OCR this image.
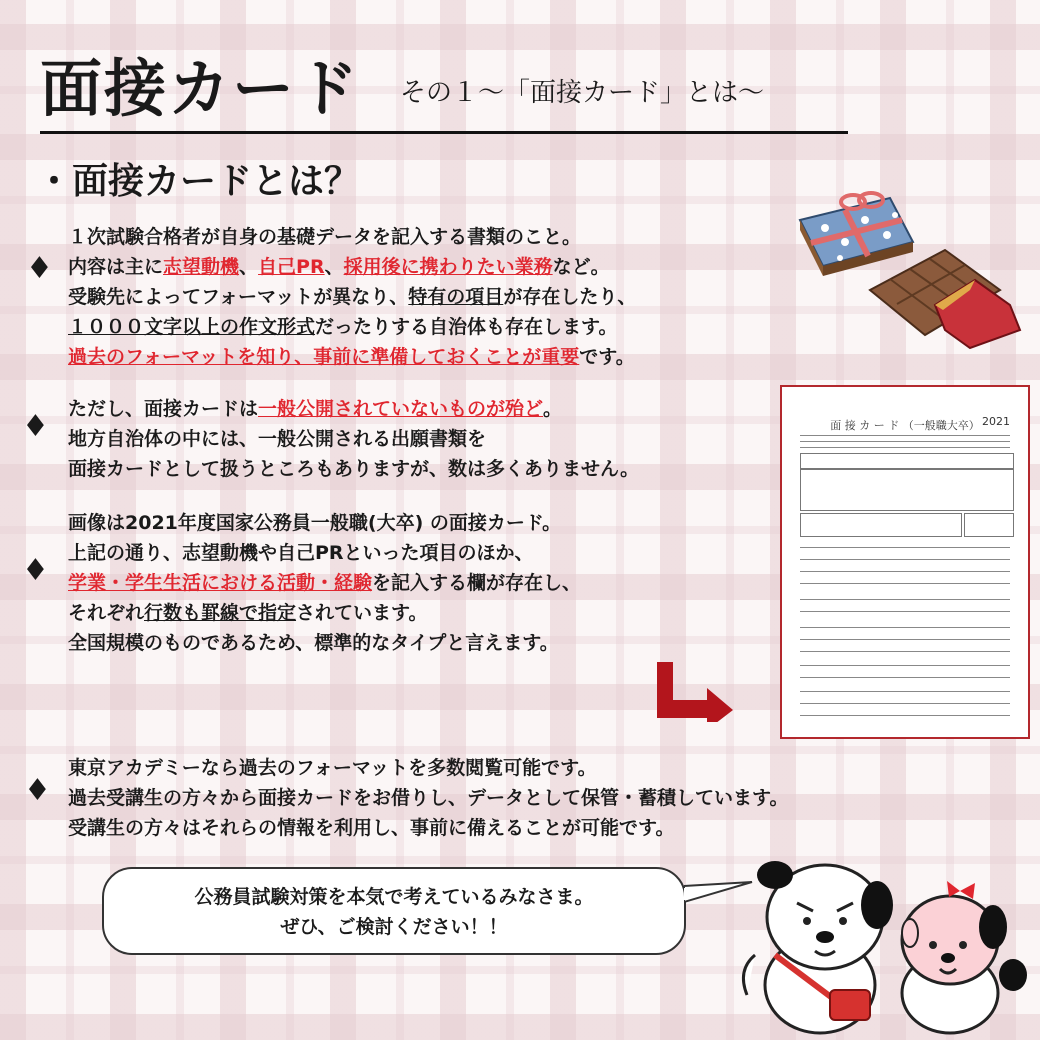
面接カード その１～「面接カード」とは～
・面接カードとは？
♦

１次試験合格者が自身の基礎データを記入する書類のこと。

内容は主に志望動機、自己PR、採用後に携わりたい業務など。

受験先によってフォーマットが異なり、特有の項目が存在したり、

１０００文字以上の作文形式だったりする自治体も存在します。

過去のフォーマットを知り、事前に準備しておくことが重要です。

♦ ただし、面接カードは一般公開されていないものが殆ど。

地方自治体の中には、一般公開される出願書類を

面接カードとして扱うところもありますが、数は多くありません。

♦

画像は2021年度国家公務員一般職(大卒) の面接カード。

上記の通り、志望動機や自己PRといった項目のほか、

学業・学生生活における活動・経験を記入する欄が存在し、

それぞれ行数も罫線で指定されています。

全国規模のものであるため、標準的なタイプと言えます。

♦

東京アカデミーなら過去のフォーマットを多数閲覧可能です。

過去受講生の方々から面接カードをお借りし、データとして保管・蓄積しています。

受講生の方々はそれらの情報を利用し、事前に備えることが可能です。

面 接 カ ー ド （一般職大卒） 2021
公務員試験対策を本気で考えているみなさま。
ぜひ、ご検討ください！！
